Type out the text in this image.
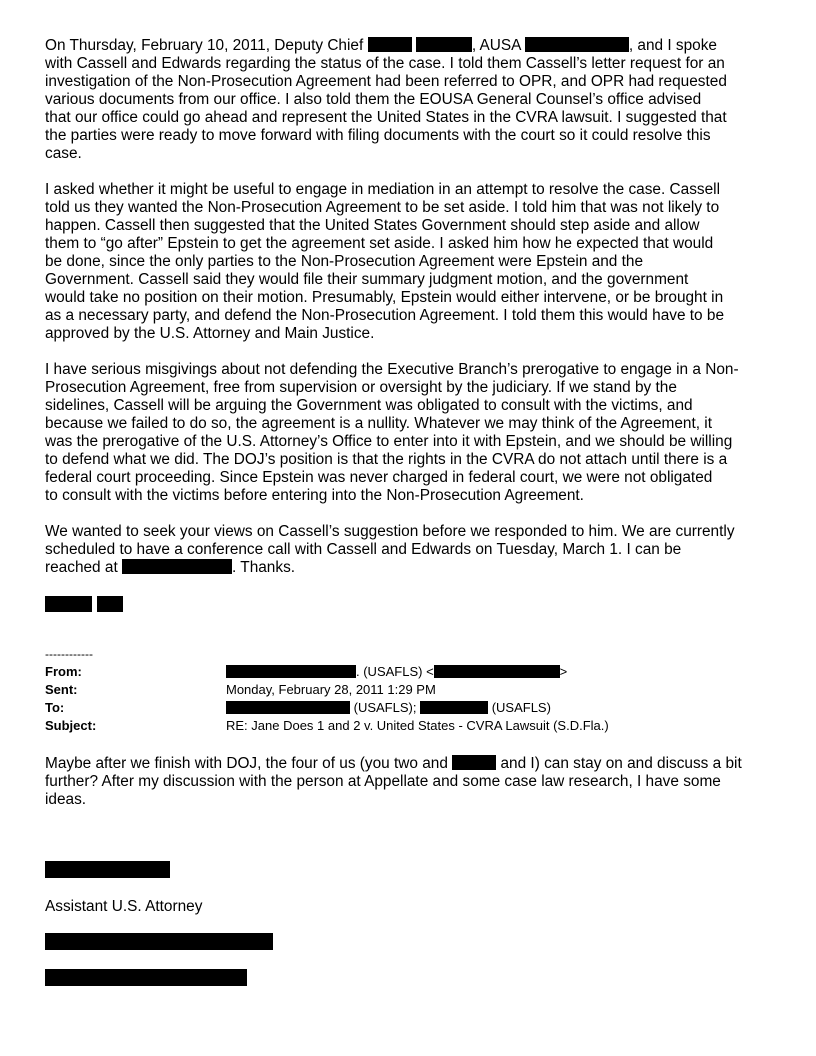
On Thursday, February 10, 2011, Deputy Chief	, AUSA	, and I spoke
with Cassell and Edwards regarding the status of the case. I told them Cassell’s letter request for an
investigation of the Non-Prosecution Agreement had been referred to OPR, and OPR had requested
various documents from our office. I also told them the EOUSA General Counsel’s office advised
that our office could go ahead and represent the United States in the CVRA lawsuit. I suggested that
the parties were ready to move forward with filing documents with the court so it could resolve this
case.
I asked whether it might be useful to engage in mediation in an attempt to resolve the case. Cassell
told us they wanted the Non-Prosecution Agreement to be set aside. I told him that was not likely to
happen. Cassell then suggested that the United States Government should step aside and allow
them to “go after” Epstein to get the agreement set aside. I asked him how he expected that would
be done, since the only parties to the Non-Prosecution Agreement were Epstein and the
Government. Cassell said they would file their summary judgment motion, and the government
would take no position on their motion. Presumably, Epstein would either intervene, or be brought in
as a necessary party, and defend the Non-Prosecution Agreement. I told them this would have to be
approved by the U.S. Attorney and Main Justice.
I have serious misgivings about not defending the Executive Branch’s prerogative to engage in a Non-
Prosecution Agreement, free from supervision or oversight by the judiciary. If we stand by the
sidelines, Cassell will be arguing the Government was obligated to consult with the victims, and
because we failed to do so, the agreement is a nullity. Whatever we may think of the Agreement, it
was the prerogative of the U.S. Attorney’s Office to enter into it with Epstein, and we should be willing
to defend what we did. The DOJ’s position is that the rights in the CVRA do not attach until there is a
federal court proceeding. Since Epstein was never charged in federal court, we were not obligated
to consult with the victims before entering into the Non-Prosecution Agreement.
We wanted to seek your views on Cassell’s suggestion before we responded to him. We are currently
scheduled to have a conference call with Cassell and Edwards on Tuesday, March 1. I can be
reached at	. Thanks.
------------
From:	. (USAFLS) <	>
Sent:	Monday, February 28, 2011 1:29 PM
To:	(USAFLS);	(USAFLS)
Subject:	RE: Jane Does 1 and 2 v. United States - CVRA Lawsuit (S.D.Fla.)
Maybe after we finish with DOJ, the four of us (you two and	and I) can stay on and discuss a bit
further? After my discussion with the person at Appellate and some case law research, I have some
ideas.
Assistant U.S. Attorney
